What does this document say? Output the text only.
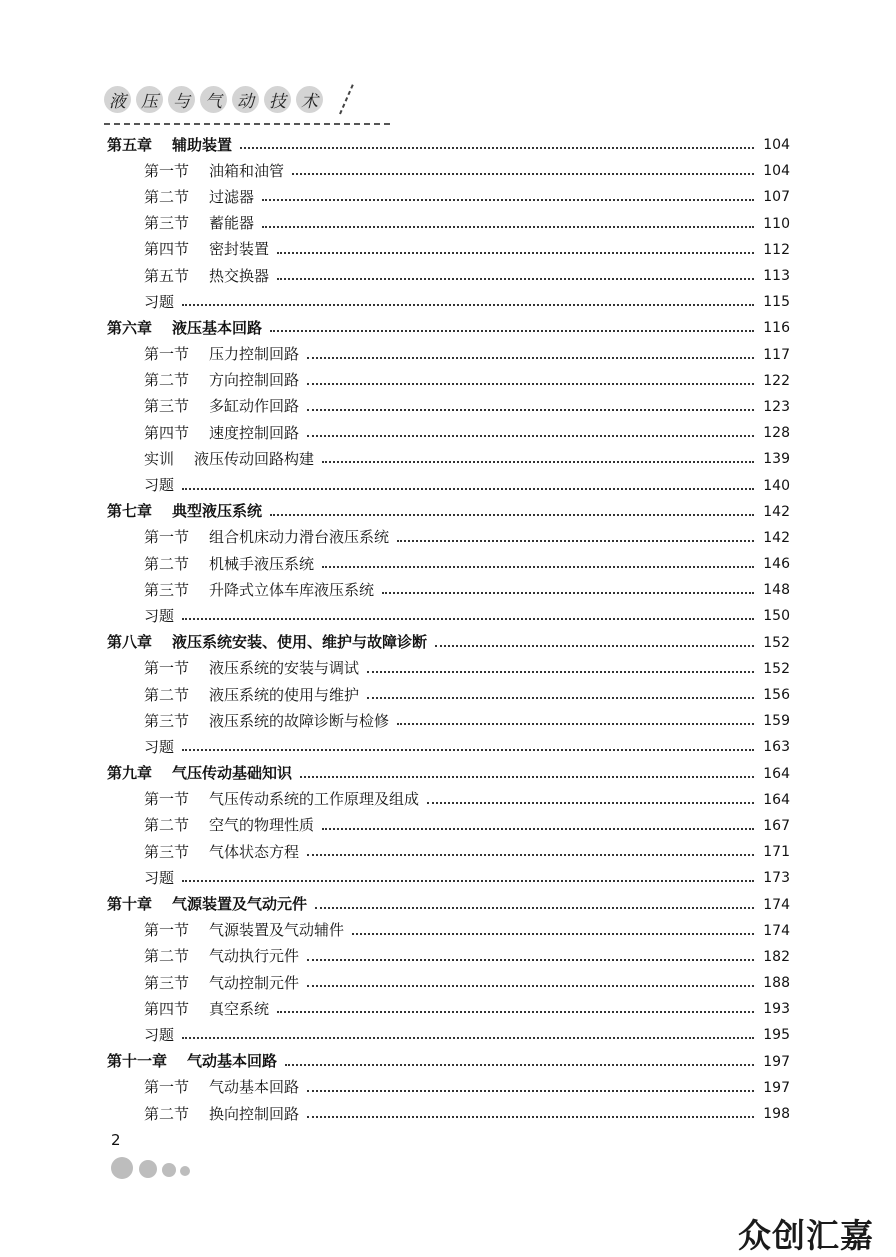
液 压 与 气 动 技 术
第五章 辅助装置	104
第一节 油箱和油管	104
第二节 过滤器	107
第三节 蓄能器	110
第四节 密封装置	112
第五节 热交换器	113
习题	115
第六章 液压基本回路	116
第一节 压力控制回路	117
第二节 方向控制回路	122
第三节 多缸动作回路	123
第四节 速度控制回路	128
实训 液压传动回路构建	139
习题	140
第七章 典型液压系统	142
第一节 组合机床动力滑台液压系统	142
第二节 机械手液压系统	146
第三节 升降式立体车库液压系统	148
习题	150
第八章 液压系统安装、使用、维护与故障诊断	152
第一节 液压系统的安装与调试	152
第二节 液压系统的使用与维护	156
第三节 液压系统的故障诊断与检修	159
习题	163
第九章 气压传动基础知识	164
第一节 气压传动系统的工作原理及组成	164
第二节 空气的物理性质	167
第三节 气体状态方程	171
习题	173
第十章 气源装置及气动元件	174
第一节 气源装置及气动辅件	174
第二节 气动执行元件	182
第三节 气动控制元件	188
第四节 真空系统	193
习题	195
第十一章 气动基本回路	197
第一节 气动基本回路	197
第二节 换向控制回路	198
2
众创汇嘉
